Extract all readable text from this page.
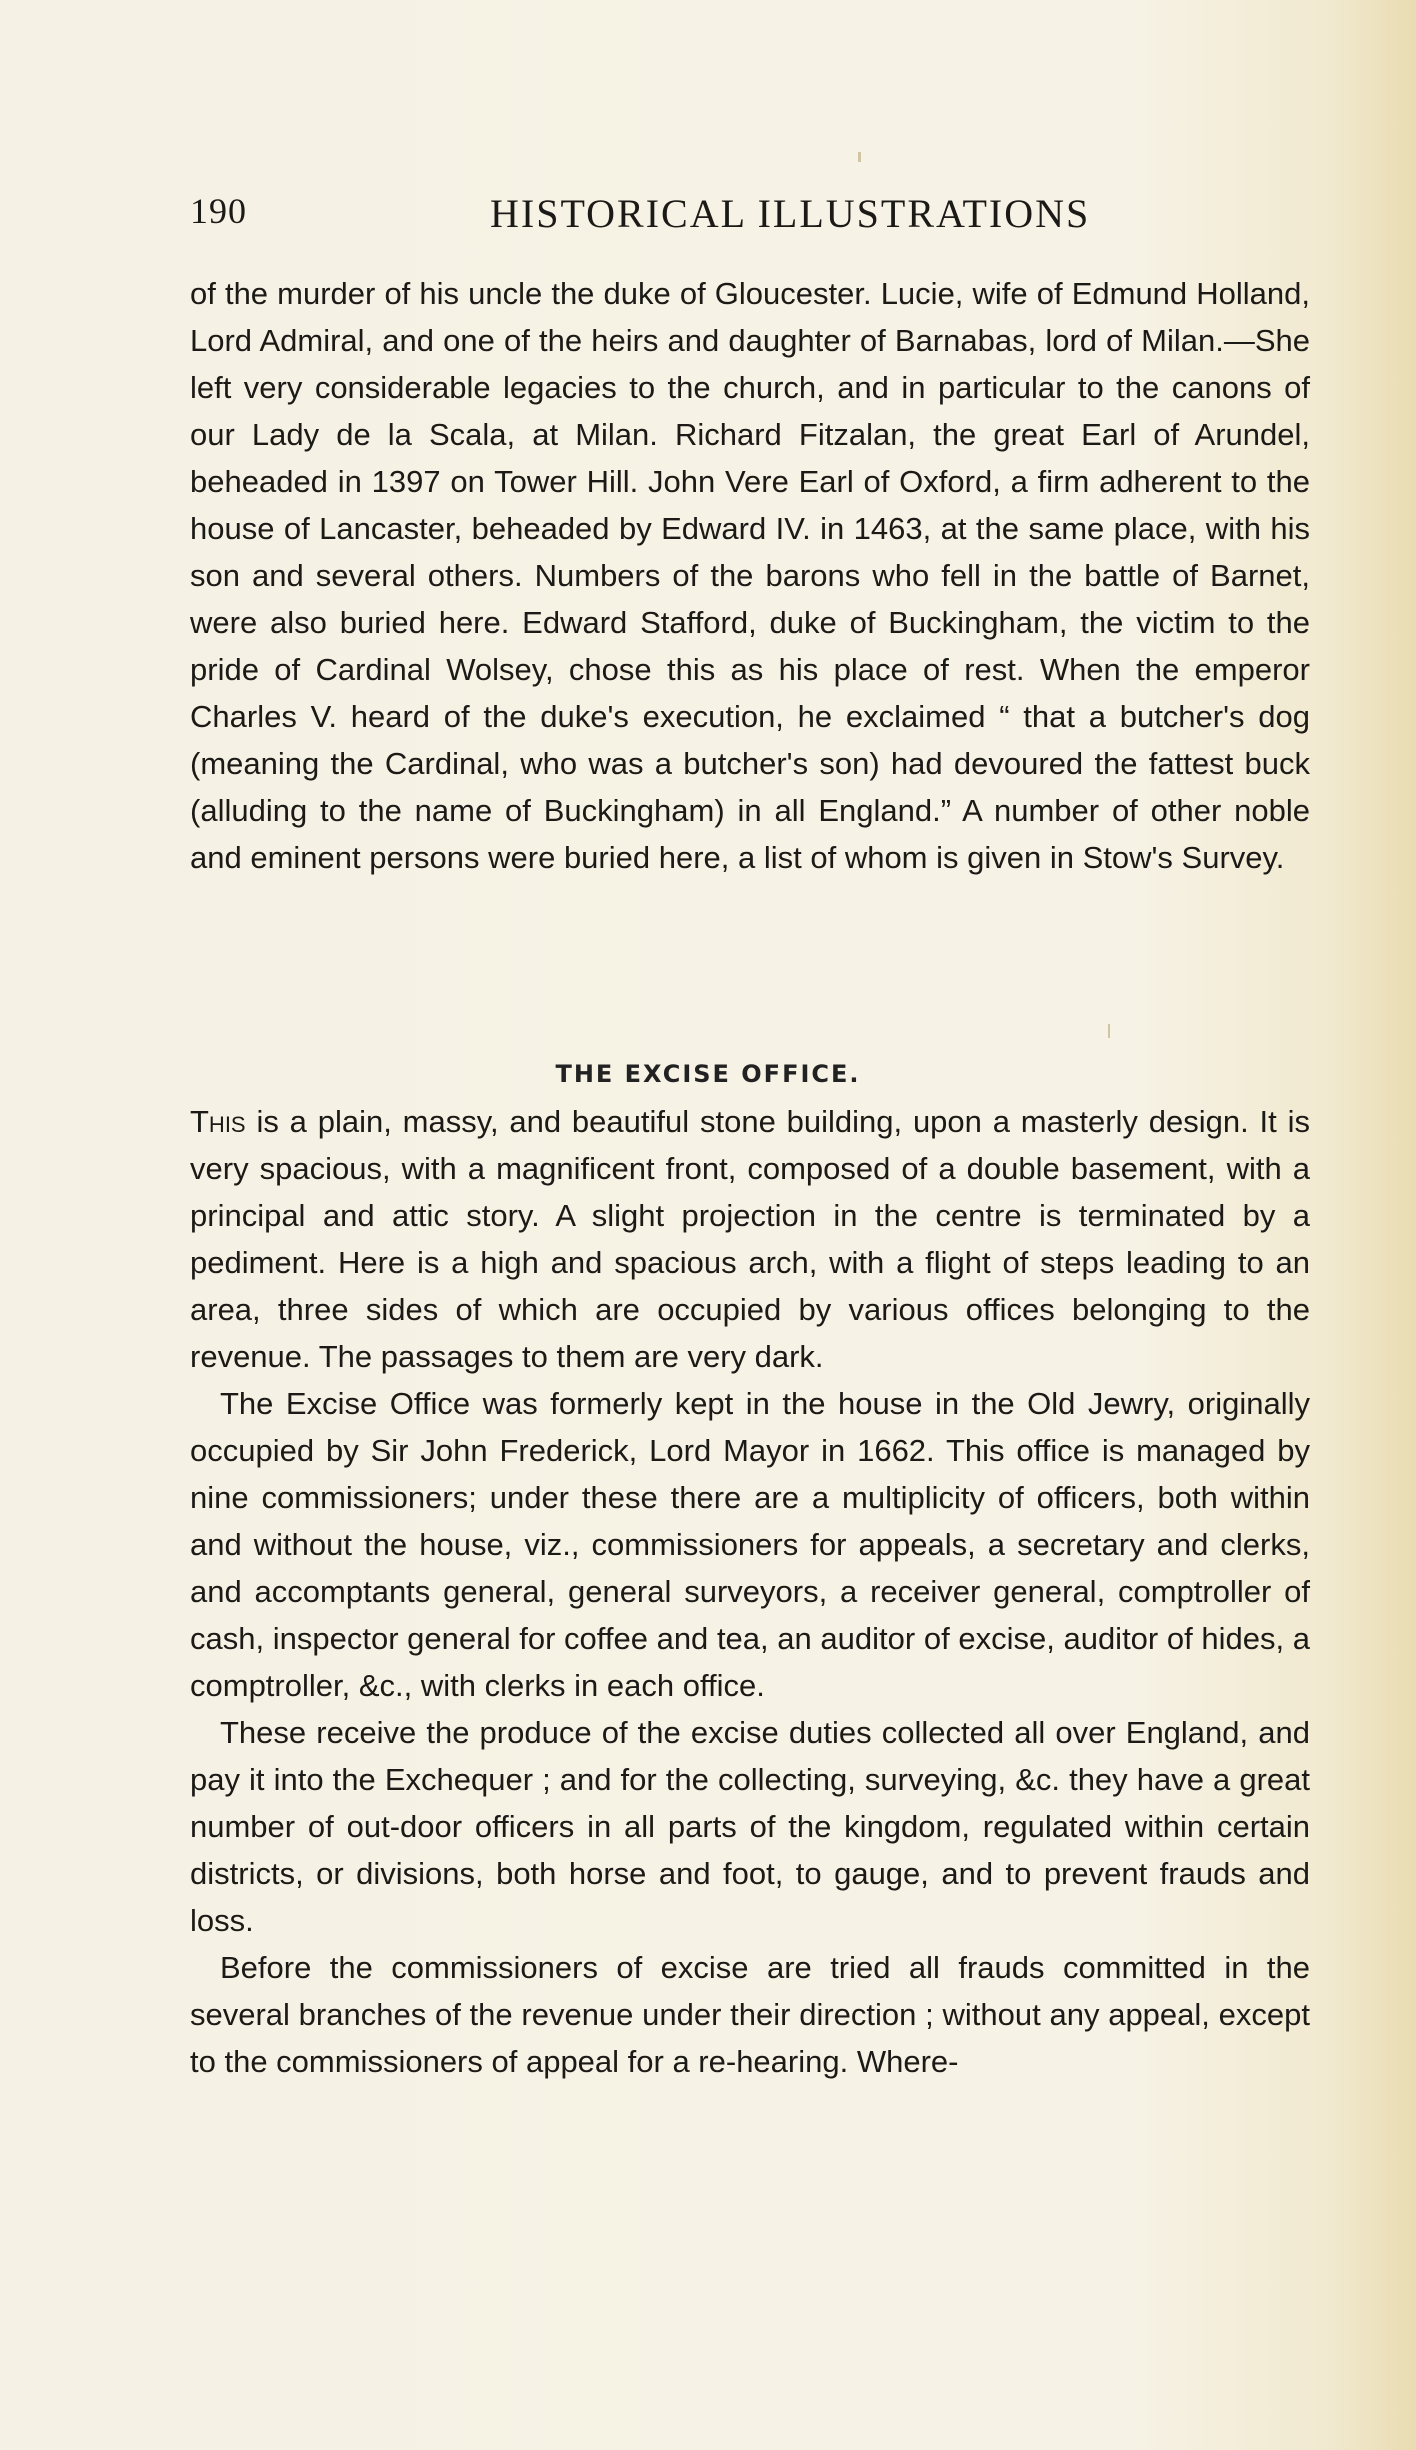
190	HISTORICAL ILLUSTRATIONS

of the murder of his uncle the duke of Gloucester. Lucie, wife of Edmund Holland, Lord Admiral, and one of the heirs and daughter of Barnabas, lord of Milan.—She left very considerable legacies to the church, and in particular to the canons of our Lady de la Scala, at Milan. Richard Fitzalan, the great Earl of Arundel, beheaded in 1397 on Tower Hill. John Vere Earl of Oxford, a firm adherent to the house of Lancaster, beheaded by Edward IV. in 1463, at the same place, with his son and several others. Numbers of the barons who fell in the battle of Barnet, were also buried here. Edward Stafford, duke of Buckingham, the victim to the pride of Cardinal Wolsey, chose this as his place of rest. When the emperor Charles V. heard of the duke's execution, he exclaimed “ that a butcher's dog (meaning the Cardinal, who was a butcher's son) had devoured the fattest buck (alluding to the name of Buckingham) in all England.” A number of other noble and eminent persons were buried here, a list of whom is given in Stow's Survey.

THE EXCISE OFFICE.

This is a plain, massy, and beautiful stone building, upon a masterly design. It is very spacious, with a magnificent front, composed of a double basement, with a principal and attic story. A slight projection in the centre is terminated by a pediment. Here is a high and spacious arch, with a flight of steps leading to an area, three sides of which are occupied by various offices belonging to the revenue. The passages to them are very dark.

The Excise Office was formerly kept in the house in the Old Jewry, originally occupied by Sir John Frederick, Lord Mayor in 1662. This office is managed by nine commissioners; under these there are a multiplicity of officers, both within and without the house, viz., commissioners for appeals, a secretary and clerks, and accomptants general, general surveyors, a receiver general, comptroller of cash, inspector general for coffee and tea, an auditor of excise, auditor of hides, a comptroller, &c., with clerks in each office.

These receive the produce of the excise duties collected all over England, and pay it into the Exchequer ; and for the collecting, surveying, &c. they have a great number of out-door officers in all parts of the kingdom, regulated within certain districts, or divisions, both horse and foot, to gauge, and to prevent frauds and loss.

Before the commissioners of excise are tried all frauds committed in the several branches of the revenue under their direction ; without any appeal, except to the commissioners of appeal for a re-hearing. Where-
